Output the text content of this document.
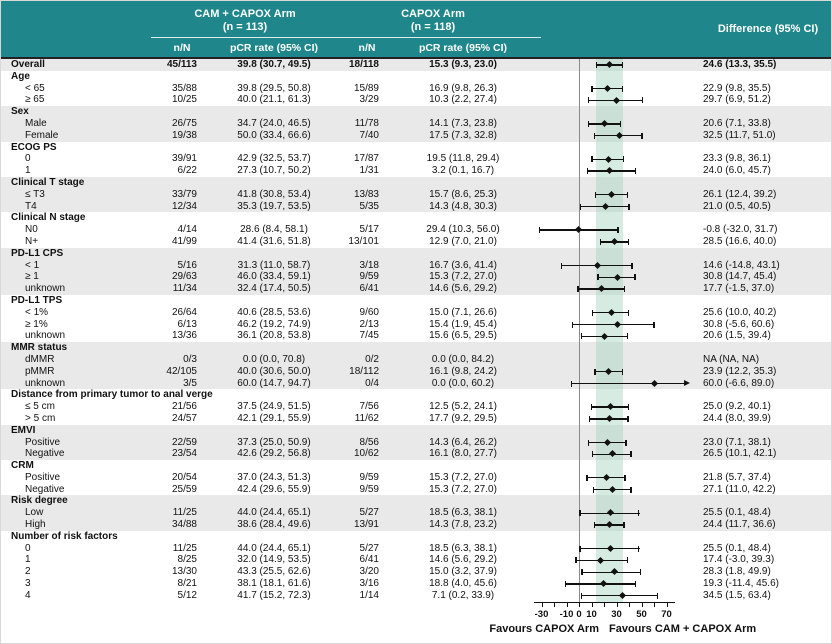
CAM + CAPOX Arm
(n = 113)
CAPOX Arm
(n = 118)
n/N	pCR rate (95% CI)	n/N	pCR rate (95% CI)
Difference (95% CI)
Overall	45/113	39.8 (30.7, 49.5)	18/118	15.3 (9.3, 23.0)	24.6 (13.3, 35.5)
Age
< 65	35/88	39.8 (29.5, 50.8)	15/89	16.9 (9.8, 26.3)	22.9 (9.8, 35.5)
≥ 65	10/25	40.0 (21.1, 61.3)	3/29	10.3 (2.2, 27.4)	29.7 (6.9, 51.2)
Sex
Male	26/75	34.7 (24.0, 46.5)	11/78	14.1 (7.3, 23.8)	20.6 (7.1, 33.8)
Female	19/38	50.0 (33.4, 66.6)	7/40	17.5 (7.3, 32.8)	32.5 (11.7, 51.0)
ECOG PS
0	39/91	42.9 (32.5, 53.7)	17/87	19.5 (11.8, 29.4)	23.3 (9.8, 36.1)
1	6/22	27.3 (10.7, 50.2)	1/31	3.2 (0.1, 16.7)	24.0 (6.0, 45.7)
Clinical T stage
≤ T3	33/79	41.8 (30.8, 53.4)	13/83	15.7 (8.6, 25.3)	26.1 (12.4, 39.2)
T4	12/34	35.3 (19.7, 53.5)	5/35	14.3 (4.8, 30.3)	21.0 (0.5, 40.5)
Clinical N stage
N0	4/14	28.6 (8.4, 58.1)	5/17	29.4 (10.3, 56.0)	-0.8 (-32.0, 31.7)
N+	41/99	41.4 (31.6, 51.8)	13/101	12.9 (7.0, 21.0)	28.5 (16.6, 40.0)
PD-L1 CPS
< 1	5/16	31.3 (11.0, 58.7)	3/18	16.7 (3.6, 41.4)	14.6 (-14.8, 43.1)
≥ 1	29/63	46.0 (33.4, 59.1)	9/59	15.3 (7.2, 27.0)	30.8 (14.7, 45.4)
unknown	11/34	32.4 (17.4, 50.5)	6/41	14.6 (5.6, 29.2)	17.7 (-1.5, 37.0)
PD-L1 TPS
< 1%	26/64	40.6 (28.5, 53.6)	9/60	15.0 (7.1, 26.6)	25.6 (10.0, 40.2)
≥ 1%	6/13	46.2 (19.2, 74.9)	2/13	15.4 (1.9, 45.4)	30.8 (-5.6, 60.6)
unknown	13/36	36.1 (20.8, 53.8)	7/45	15.6 (6.5, 29.5)	20.6 (1.5, 39.4)
MMR status
dMMR	0/3	0.0 (0.0, 70.8)	0/2	0.0 (0.0, 84.2)	NA (NA, NA)
pMMR	42/105	40.0 (30.6, 50.0)	18/112	16.1 (9.8, 24.2)	23.9 (12.2, 35.3)
unknown	3/5	60.0 (14.7, 94.7)	0/4	0.0 (0.0, 60.2)	60.0 (-6.6, 89.0)
Distance from primary tumor to anal verge
≤ 5 cm	21/56	37.5 (24.9, 51.5)	7/56	12.5 (5.2, 24.1)	25.0 (9.2, 40.1)
> 5 cm	24/57	42.1 (29.1, 55.9)	11/62	17.7 (9.2, 29.5)	24.4 (8.0, 39.9)
EMVI
Positive	22/59	37.3 (25.0, 50.9)	8/56	14.3 (6.4, 26.2)	23.0 (7.1, 38.1)
Negative	23/54	42.6 (29.2, 56.8)	10/62	16.1 (8.0, 27.7)	26.5 (10.1, 42.1)
CRM
Positive	20/54	37.0 (24.3, 51.3)	9/59	15.3 (7.2, 27.0)	21.8 (5.7, 37.4)
Negative	25/59	42.4 (29.6, 55.9)	9/59	15.3 (7.2, 27.0)	27.1 (11.0, 42.2)
Risk degree
Low	11/25	44.0 (24.4, 65.1)	5/27	18.5 (6.3, 38.1)	25.5 (0.1, 48.4)
High	34/88	38.6 (28.4, 49.6)	13/91	14.3 (7.8, 23.2)	24.4 (11.7, 36.6)
Number of risk factors
0	11/25	44.0 (24.4, 65.1)	5/27	18.5 (6.3, 38.1)	25.5 (0.1, 48.4)
1	8/25	32.0 (14.9, 53.5)	6/41	14.6 (5.6, 29.2)	17.4 (-3.0, 39.3)
2	13/30	43.3 (25.5, 62.6)	3/20	15.0 (3.2, 37.9)	28.3 (1.8, 49.9)
3	8/21	38.1 (18.1, 61.6)	3/16	18.8 (4.0, 45.6)	19.3 (-11.4, 45.6)
4	5/12	41.7 (15.2, 72.3)	1/14	7.1 (0.2, 33.9)	34.5 (1.5, 63.4)
-30 -10 0 10 30 50 70
Favours CAPOX Arm Favours CAM + CAPOX Arm
